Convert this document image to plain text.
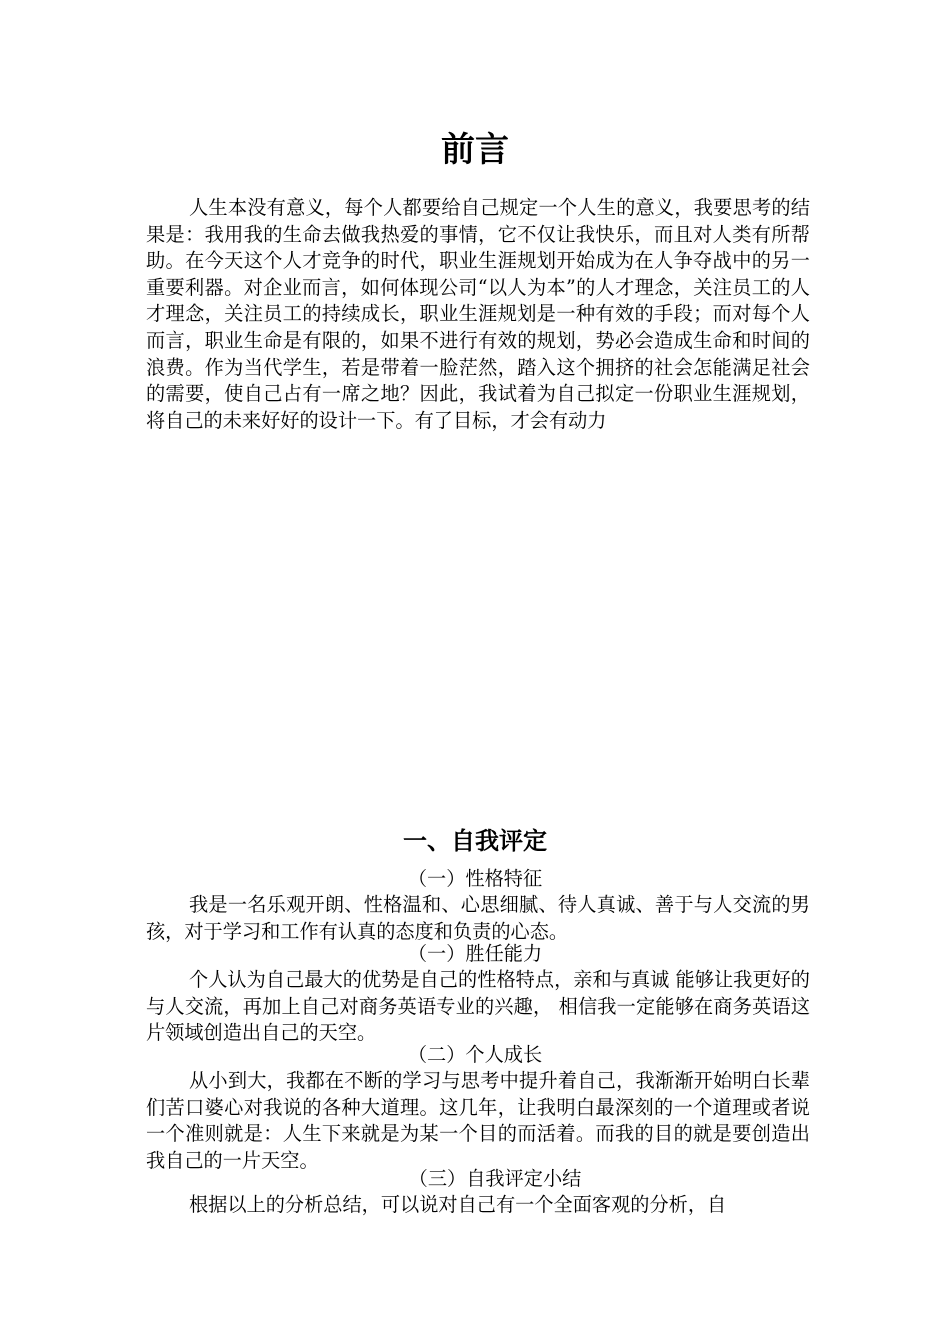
前言

人生本没有意义，每个人都要给自己规定一个人生的意义，我要思考的结果是：我用我的生命去做我热爱的事情，它不仅让我快乐，而且对人类有所帮助。在今天这个人才竞争的时代，职业生涯规划开始成为在人争夺战中的另一重要利器。对企业而言，如何体现公司“以人为本”的人才理念，关注员工的人才理念，关注员工的持续成长，职业生涯规划是一种有效的手段；而对每个人而言，职业生命是有限的，如果不进行有效的规划，势必会造成生命和时间的浪费。作为当代学生，若是带着一脸茫然，踏入这个拥挤的社会怎能满足社会的需要，使自己占有一席之地？因此，我试着为自己拟定一份职业生涯规划，将自己的未来好好的设计一下。有了目标，才会有动力

一、自我评定

（一）性格特征

我是一名乐观开朗、性格温和、心思细腻、待人真诚、善于与人交流的男孩，对于学习和工作有认真的态度和负责的心态。

（一）胜任能力

个人认为自己最大的优势是自己的性格特点，亲和与真诚 能够让我更好的与人交流，再加上自己对商务英语专业的兴趣， 相信我一定能够在商务英语这片领域创造出自己的天空。

（二）个人成长

从小到大，我都在不断的学习与思考中提升着自己，我渐渐开始明白长辈们苦口婆心对我说的各种大道理。这几年，让我明白最深刻的一个道理或者说一个准则就是：人生下来就是为某一个目的而活着。而我的目的就是要创造出我自己的一片天空。

（三）自我评定小结

根据以上的分析总结，可以说对自己有一个全面客观的分析，自
